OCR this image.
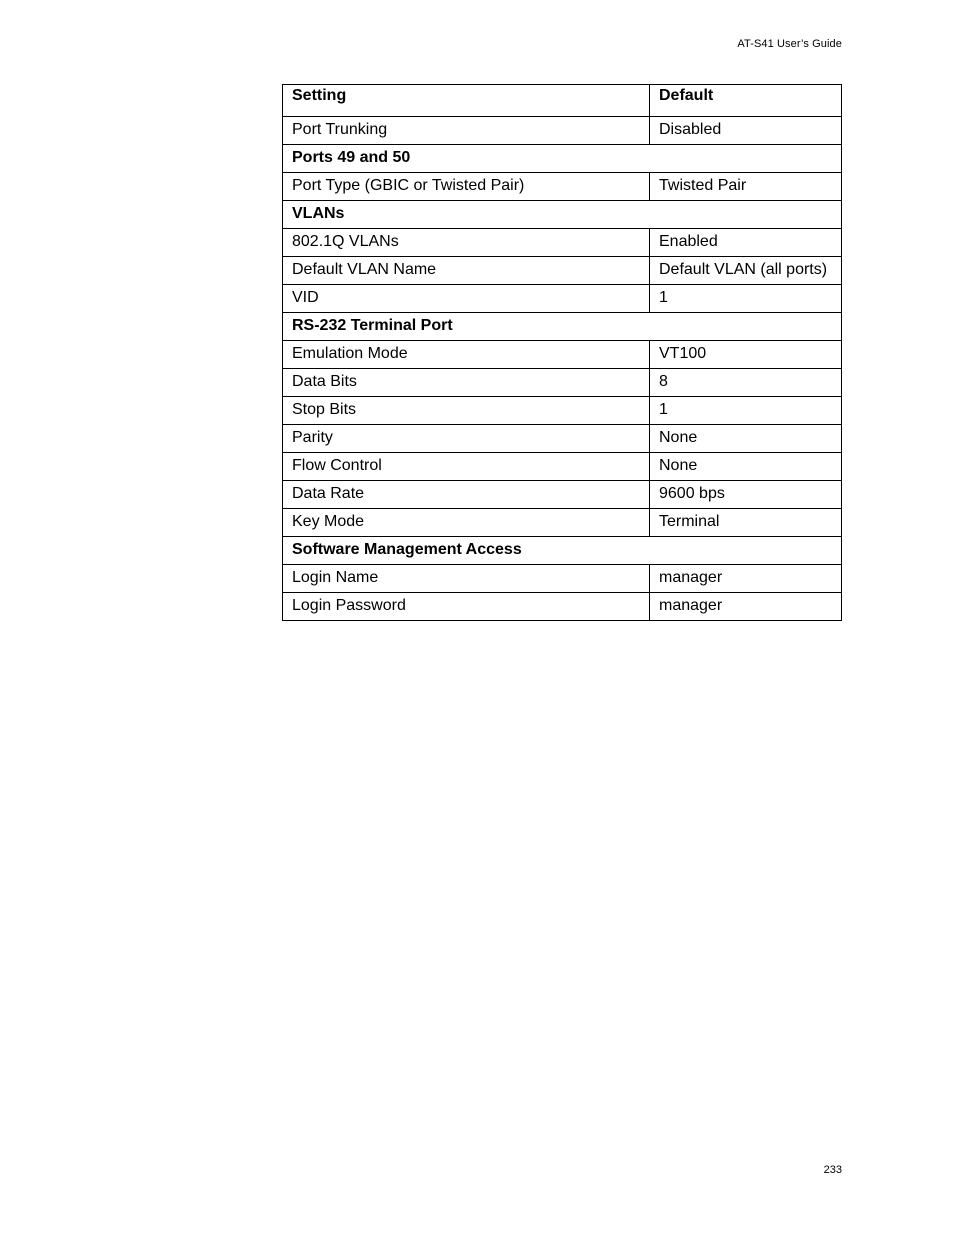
AT-S41 User’s Guide
Setting	Default

Port Trunking	Disabled
Ports 49 and 50	
Port Type (GBIC or Twisted Pair)	Twisted Pair
VLANs	
802.1Q VLANs	Enabled
Default VLAN Name	Default VLAN (all ports)
VID	1
RS-232 Terminal Port	
Emulation Mode	VT100
Data Bits	8
Stop Bits	1
Parity	None
Flow Control	None
Data Rate	9600 bps
Key Mode	Terminal
Software Management Access	
Login Name	manager
Login Password	manager
233
